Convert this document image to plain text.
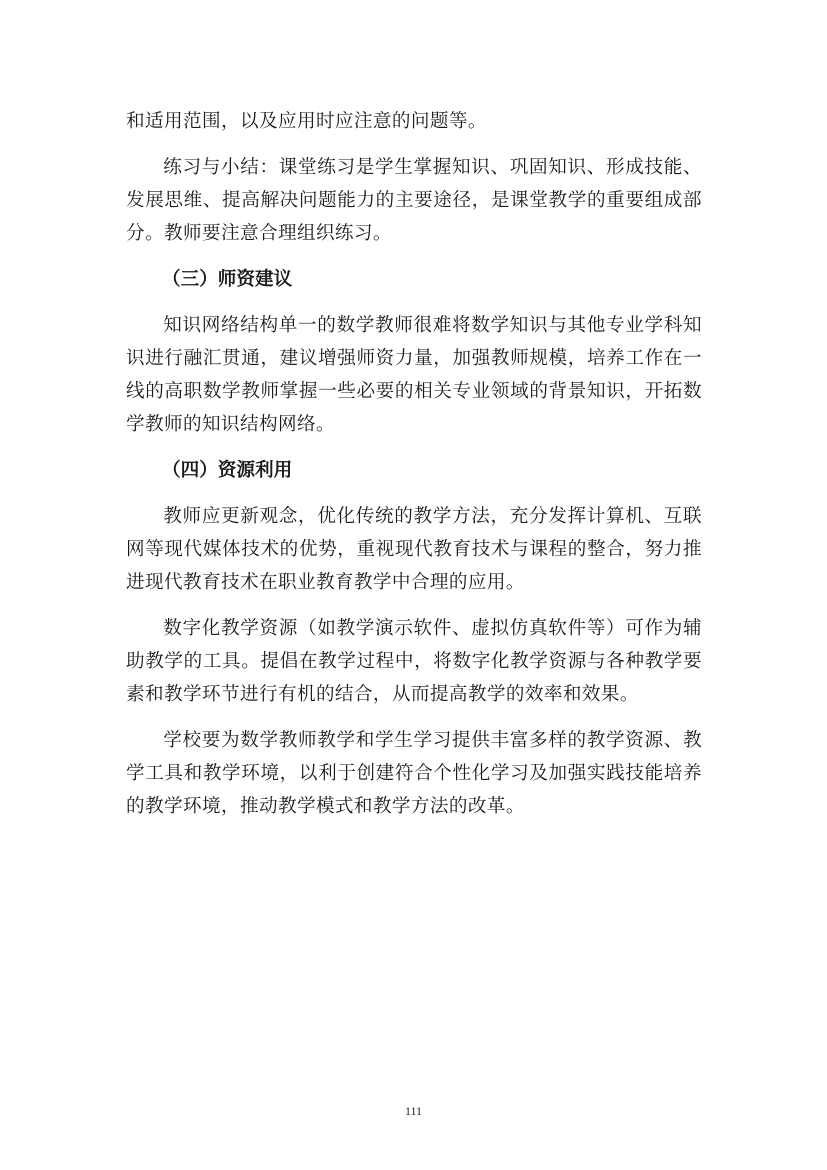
和适用范围，以及应用时应注意的问题等。

练习与小结：课堂练习是学生掌握知识、巩固知识、形成技能、发展思维、提高解决问题能力的主要途径，是课堂教学的重要组成部分。教师要注意合理组织练习。

（三）师资建议

知识网络结构单一的数学教师很难将数学知识与其他专业学科知识进行融汇贯通，建议增强师资力量，加强教师规模，培养工作在一线的高职数学教师掌握一些必要的相关专业领域的背景知识，开拓数学教师的知识结构网络。

（四）资源利用

教师应更新观念，优化传统的教学方法，充分发挥计算机、互联网等现代媒体技术的优势，重视现代教育技术与课程的整合，努力推进现代教育技术在职业教育教学中合理的应用。

数字化教学资源（如教学演示软件、虚拟仿真软件等）可作为辅助教学的工具。提倡在教学过程中，将数字化教学资源与各种教学要素和教学环节进行有机的结合，从而提高教学的效率和效果。

学校要为数学教师教学和学生学习提供丰富多样的教学资源、教学工具和教学环境，以利于创建符合个性化学习及加强实践技能培养的教学环境，推动教学模式和教学方法的改革。

111
